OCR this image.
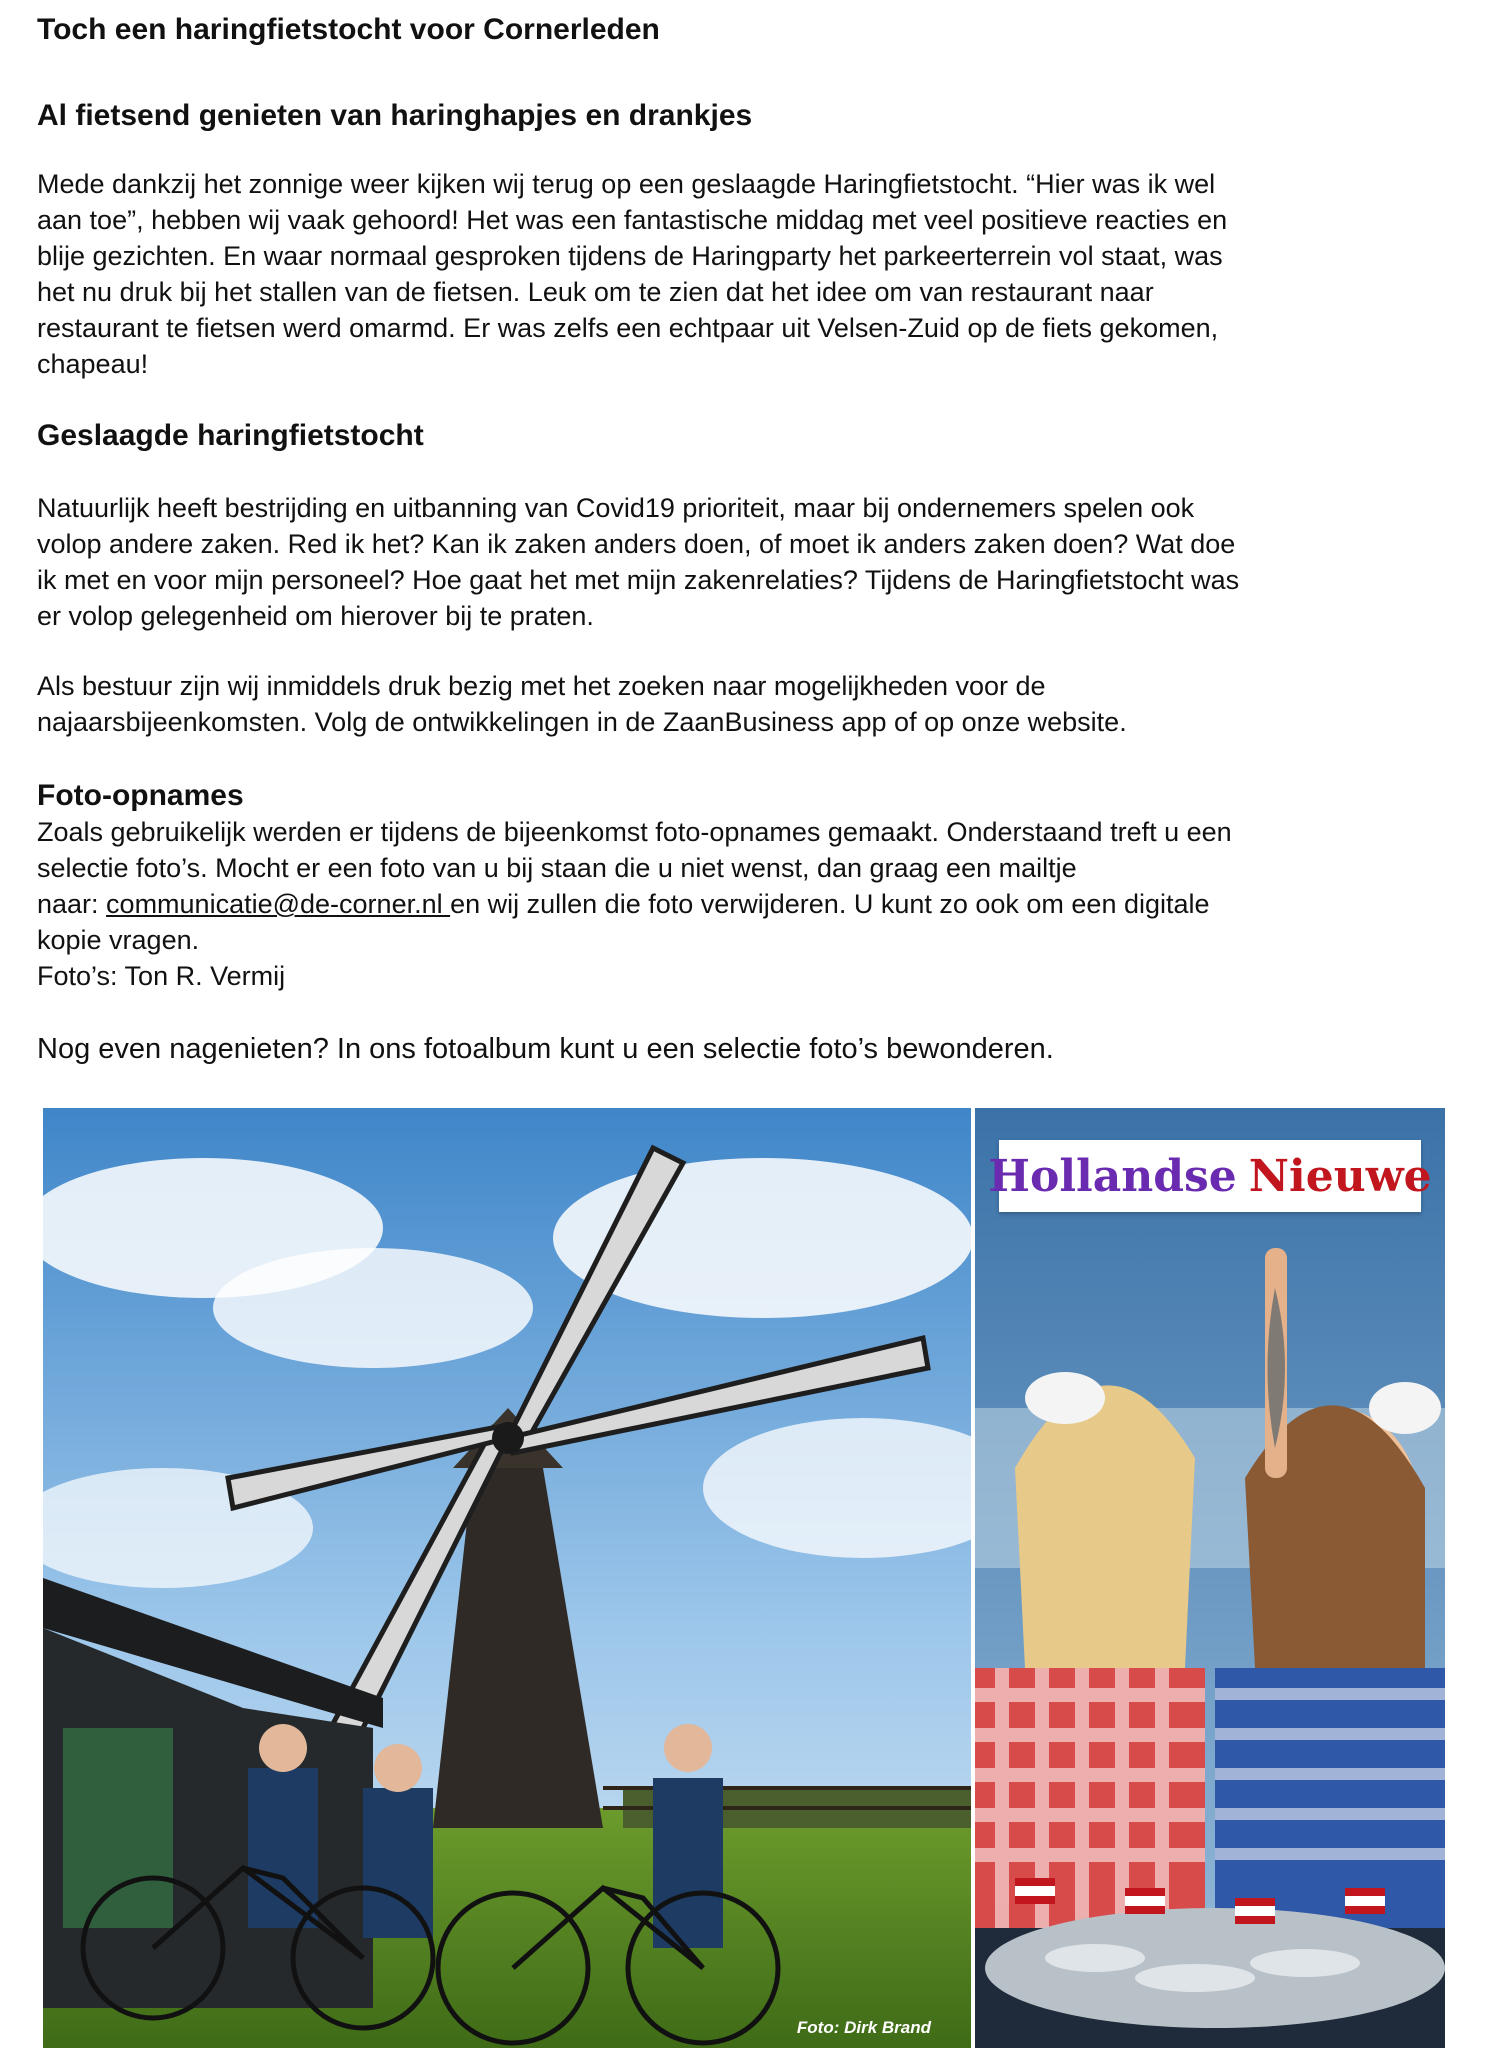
Toch een haringfietstocht voor Cornerleden
Al fietsend genieten van haringhapjes en drankjes

Mede dankzij het zonnige weer kijken wij terug op een geslaagde Haringfietstocht. “Hier was ik wel

aan toe”, hebben wij vaak gehoord! Het was een fantastische middag met veel positieve reacties en

blije gezichten. En waar normaal gesproken tijdens de Haringparty het parkeerterrein vol staat, was

het nu druk bij het stallen van de fietsen. Leuk om te zien dat het idee om van restaurant naar

restaurant te fietsen werd omarmd. Er was zelfs een echtpaar uit Velsen-Zuid op de fiets gekomen,

chapeau!

Geslaagde haringfietstocht

Natuurlijk heeft bestrijding en uitbanning van Covid19 prioriteit, maar bij ondernemers spelen ook

volop andere zaken. Red ik het? Kan ik zaken anders doen, of moet ik anders zaken doen? Wat doe

ik met en voor mijn personeel? Hoe gaat het met mijn zakenrelaties? Tijdens de Haringfietstocht was

er volop gelegenheid om hierover bij te praten.

Als bestuur zijn wij inmiddels druk bezig met het zoeken naar mogelijkheden voor de

najaarsbijeenkomsten. Volg de ontwikkelingen in de ZaanBusiness app of op onze website.

Foto-opnames

Zoals gebruikelijk werden er tijdens de bijeenkomst foto-opnames gemaakt. Onderstaand treft u een

selectie foto’s. Mocht er een foto van u bij staan die u niet wenst, dan graag een mailtje

naar: communicatie@de-corner.nl en wij zullen die foto verwijderen. U kunt zo ook om een digitale

kopie vragen.

Foto’s: Ton R. Vermij

Nog even nagenieten? In ons fotoalbum kunt u een selectie foto’s bewonderen.

Foto: Dirk Brand
Hollandse Nieuwe
